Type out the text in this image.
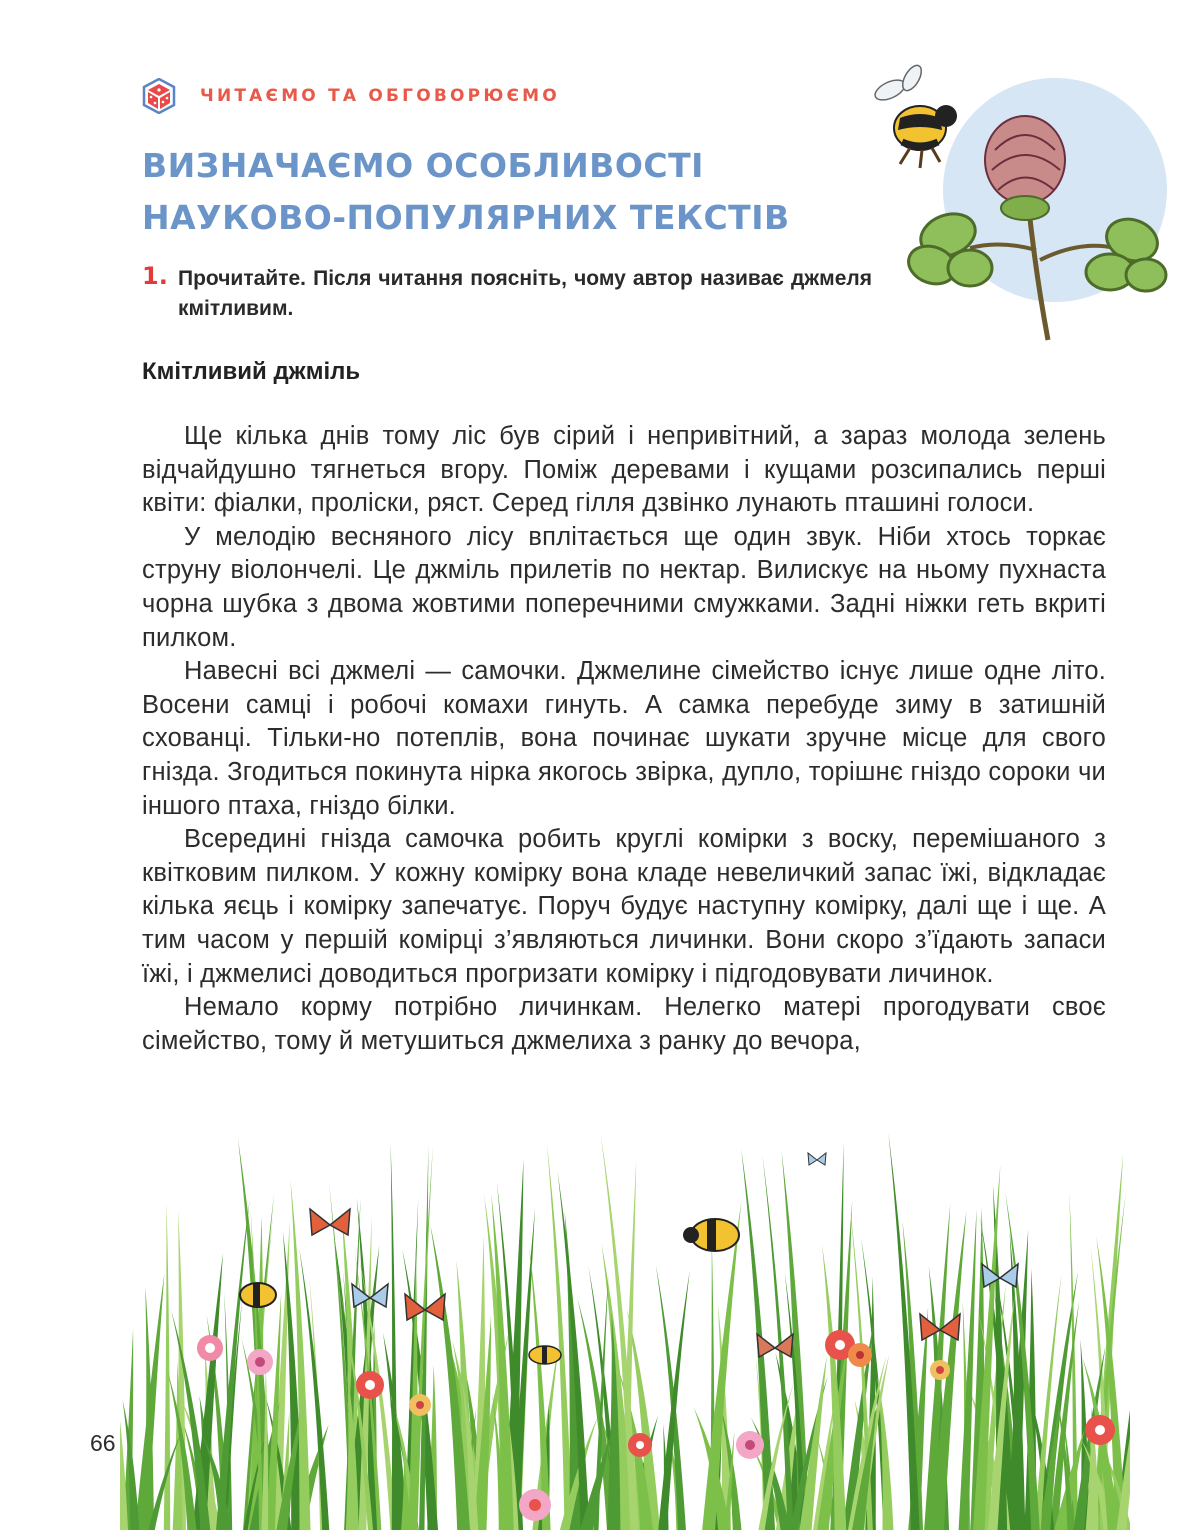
ЧИТАЄМО ТА ОБГОВОРЮЄМО
ВИЗНАЧАЄМО ОСОБЛИВОСТІ
НАУКОВО-ПОПУЛЯРНИХ ТЕКСТІВ
1. Прочитайте. Після читання поясніть, чому автор називає джмеля кмітливим.

Кмітливий джміль

Ще кілька днів тому ліс був сірий і непривітний, а зараз молода зелень відчайдушно тягнеться вгору. Поміж деревами і кущами розсипались перші квіти: фіалки, проліски, ряст. Серед гілля дзвінко лунають пташині голоси.

У мелодію весняного лісу вплітається ще один звук. Ніби хтось торкає струну віолончелі. Це джміль прилетів по нектар. Вилискує на ньому пухнаста чорна шубка з двома жовтими поперечними смужками. Задні ніжки геть вкриті пилком.

Навесні всі джмелі — самочки. Джмелине сімейство існує лише одне літо. Восени самці і робочі комахи гинуть. А самка перебуде зиму в затишній схованці. Тільки-но потеплів, вона починає шукати зручне місце для свого гнізда. Згодиться покинута нірка якогось звірка, дупло, торішнє гніздо сороки чи іншого птаха, гніздо білки.

Всередині гнізда самочка робить круглі комірки з воску, перемішаного з квітковим пилком. У кожну комірку вона кладе невеличкий запас їжі, відкладає кілька яєць і комірку запечатує. Поруч будує наступну комірку, далі ще і ще. А тим часом у першій комірці з’являються личинки. Вони скоро з’їдають запаси їжі, і джмелисі доводиться прогризати комірку і підгодовувати личинок.

Немало корму потрібно личинкам. Нелегко матері прогодувати своє сімейство, тому й метушиться джмелиха з ранку до вечора,

66
